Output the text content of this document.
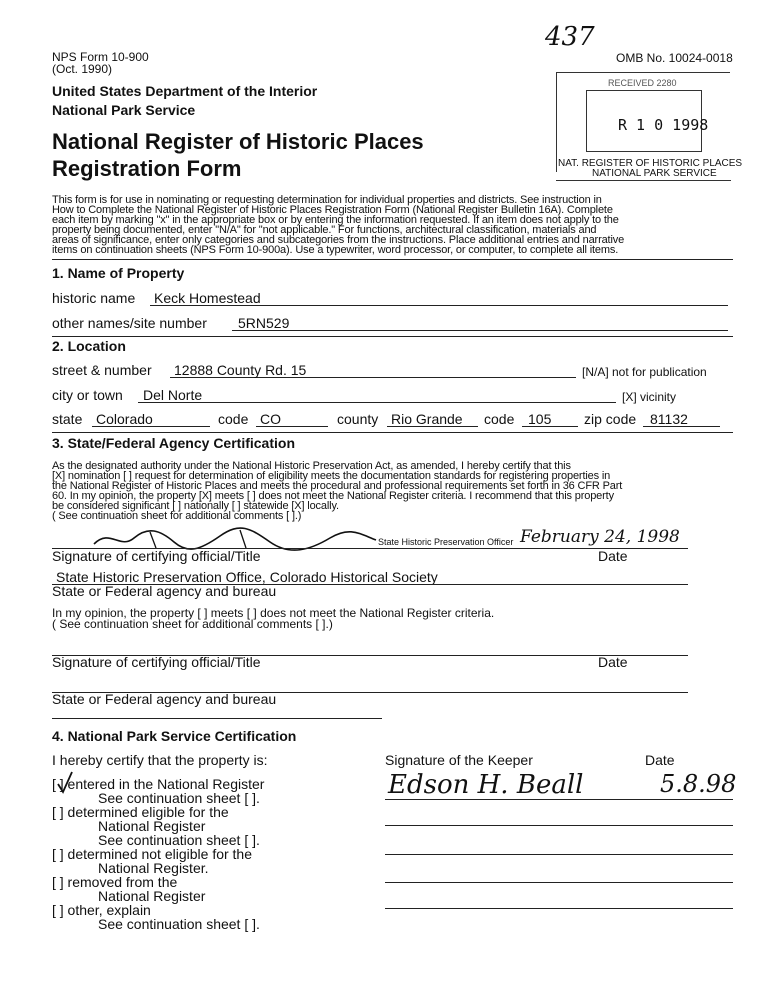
NPS Form 10-900
(Oct. 1990)
437
OMB No. 10024-0018
United States Department of the Interior
National Park Service
National Register of Historic Places
Registration Form
RECEIVED 2280
R 1 0 1998
NAT. REGISTER OF HISTORIC PLACES
NATIONAL PARK SERVICE
This form is for use in nominating or requesting determination for individual properties and districts. See instruction in
How to Complete the National Register of Historic Places Registration Form (National Register Bulletin 16A). Complete
each item by marking "x" in the appropriate box or by entering the information requested. If an item does not apply to the
property being documented, enter "N/A" for "not applicable." For functions, architectural classification, materials and
areas of significance, enter only categories and subcategories from the instructions. Place additional entries and narrative
items on continuation sheets (NPS Form 10-900a). Use a typewriter, word processor, or computer, to complete all items.
1. Name of Property
historic name Keck Homestead
other names/site number 5RN529
2. Location
street & number 12888 County Rd. 15	[N/A] not for publication
city or town Del Norte	[X] vicinity
state Colorado	code CO	county Rio Grande code 105 zip code 81132
3. State/Federal Agency Certification
As the designated authority under the National Historic Preservation Act, as amended, I hereby certify that this
[X] nomination [ ] request for determination of eligibility meets the documentation standards for registering properties in
the National Register of Historic Places and meets the procedural and professional requirements set forth in 36 CFR Part
60. In my opinion, the property [X] meets [ ] does not meet the National Register criteria. I recommend that this property
be considered significant [ ] nationally [ ] statewide [X] locally.
( See continuation sheet for additional comments [ ].)
State Historic Preservation Officer February 24, 1998
Signature of certifying official/Title	Date
State Historic Preservation Office, Colorado Historical Society
State or Federal agency and bureau
In my opinion, the property [ ] meets [ ] does not meet the National Register criteria.
( See continuation sheet for additional comments [ ].)
Signature of certifying official/Title	Date
State or Federal agency and bureau
4. National Park Service Certification
I hereby certify that the property is:
[ ] entered in the National Register
See continuation sheet [ ].
[ ] determined eligible for the
National Register
See continuation sheet [ ].
[ ] determined not eligible for the
National Register.
[ ] removed from the
National Register
[ ] other, explain
See continuation sheet [ ].
Signature of the Keeper	Date
Edson H. Beall	5.8.98
